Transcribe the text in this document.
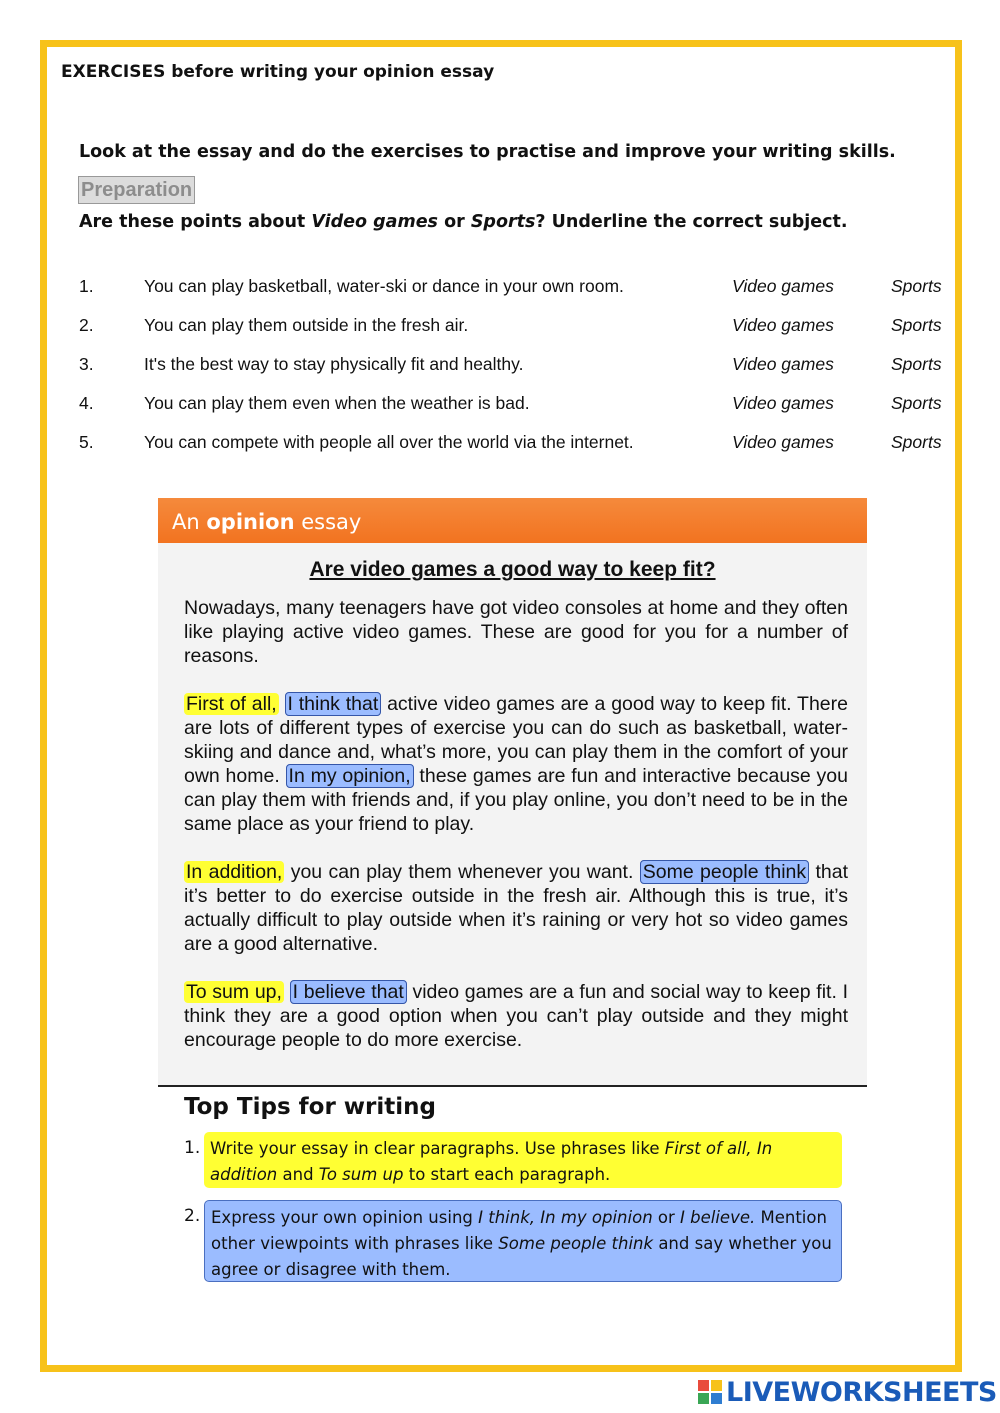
EXERCISES before writing your opinion essay
Look at the essay and do the exercises to practise and improve your writing skills.
Preparation
Are these points about Video games or Sports? Underline the correct subject.
1.	You can play basketball, water-ski or dance in your own room.	Video games	Sports
2.	You can play them outside in the fresh air.	Video games	Sports
3.	It's the best way to stay physically fit and healthy.	Video games	Sports
4.	You can play them even when the weather is bad.	Video games	Sports
5.	You can compete with people all over the world via the internet.	Video games	Sports
An opinion essay
Are video games a good way to keep fit?
Nowadays, many teenagers have got video consoles at home and they often like playing active video games. These are good for you for a number of reasons.
First of all, I think that active video games are a good way to keep fit. There are lots of different types of exercise you can do such as basketball, water-skiing and dance and, what’s more, you can play them in the comfort of your own home. In my opinion, these games are fun and interactive because you can play them with friends and, if you play online, you don’t need to be in the same place as your friend to play.
In addition, you can play them whenever you want. Some people think that it’s better to do exercise outside in the fresh air. Although this is true, it’s actually difficult to play outside when it’s raining or very hot so video games are a good alternative.
To sum up, I believe that video games are a fun and social way to keep fit. I think they are a good option when you can’t play outside and they might encourage people to do more exercise.
Top Tips for writing
1. Write your essay in clear paragraphs. Use phrases like First of all, In addition and To sum up to start each paragraph.
2. Express your own opinion using I think, In my opinion or I believe. Mention other viewpoints with phrases like Some people think and say whether you agree or disagree with them.
LIVEWORKSHEETS
